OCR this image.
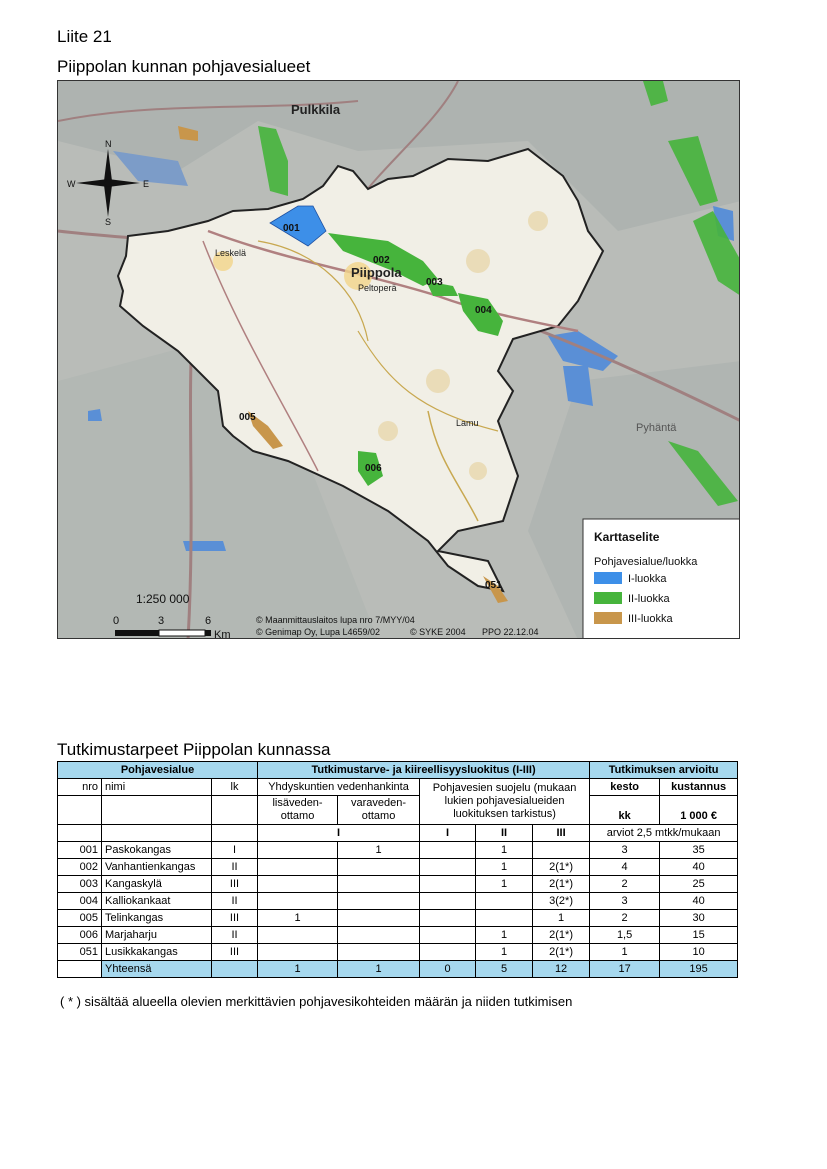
Liite 21
Piippolan kunnan pohjavesialueet
001
002
003
004
005
006
051
Pulkkila
Piippola
Leskelä
Peltoperä
Lamu	Pyhäntä
N
S
E
W
1:250 000
0	3	6
Km
© Maanmittauslaitos lupa nro 7/MYY/04
© Genimap Oy, Lupa L4659/02	© SYKE 2004 PPO 22.12.04
Karttaselite
Pohjavesialue/luokka
I-luokka
II-luokka
III-luokka
Tutkimustarpeet Piippolan kunnassa
Pohjavesialue			Tutkimustarve- ja kiireellisyysluokitus (I-III)					Tutkimuksen arvioitu	
nro	nimi	lk	Yhdyskuntien vedenhankinta		Pohjavesien suojelu (mukaan lukien pohjavesialueiden luokituksen tarkistus)			kesto	kustannus
			lisäveden-ottamo	varaveden-ottamo				kk	1 000 €
			I		I	II	III	arviot 2,5 mtkk/mukaan	
001	Paskokangas	I		1		1		3	35
002	Vanhantienkangas	II				1	2(1*)	4	40
003	Kangaskylä	III				1	2(1*)	2	25
004	Kalliokankaat	II					3(2*)	3	40
005	Telinkangas	III	1				1	2	30
006	Marjaharju	II				1	2(1*)	1,5	15
051	Lusikkakangas	III				1	2(1*)	1	10
	Yhteensä		1	1	0	5	12	17	195
( * ) sisältää alueella olevien merkittävien pohjavesikohteiden määrän ja niiden tutkimisen
